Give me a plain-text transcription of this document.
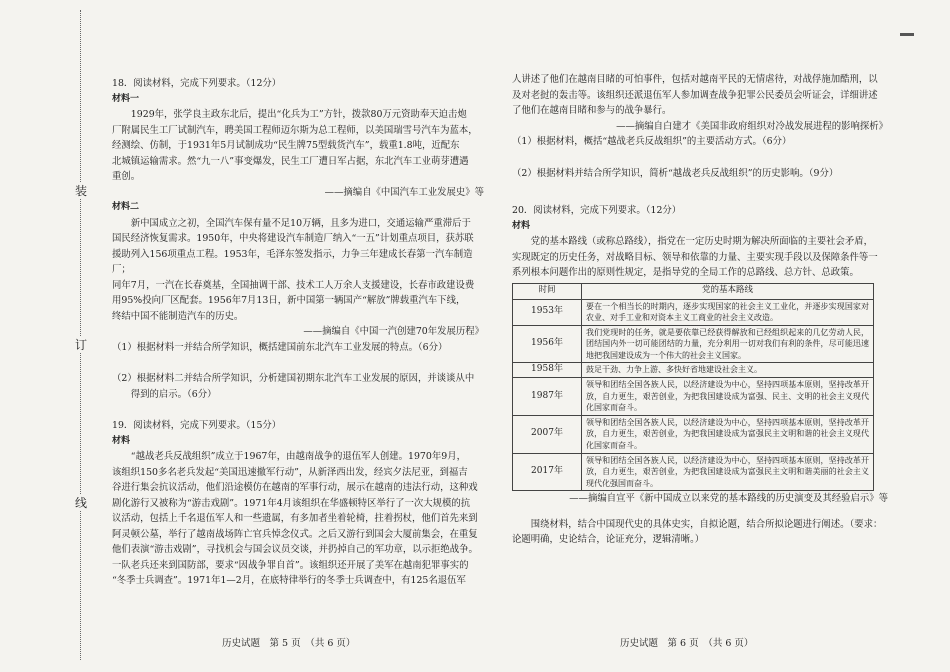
装
订
线

18．阅读材料，完成下列要求。（12分）

材料一

1929年，张学良主政东北后，提出“化兵为工”方针，拨款80万元资助奉天迫击炮

厂附属民生工厂试制汽车，聘美国工程师迈尔斯为总工程师，以美国瑞雪号汽车为蓝本，

经测绘、仿制，于1931年5月试制成功“民生牌75型载货汽车”，载重1.8吨，近配东

北城镇运输需求。然“九一八”事变爆发，民生工厂遭日军占据，东北汽车工业萌芽遭遇

重创。

——摘编自《中国汽车工业发展史》等

材料二

新中国成立之初，全国汽车保有量不足10万辆，且多为进口，交通运输严重滞后于

国民经济恢复需求。1950年，中央将建设汽车制造厂纳入“一五”计划重点项目，获苏联

援助列入156项重点工程。1953年，毛泽东签发指示，力争三年建成长春第一汽车制造厂；

同年7月，一汽在长春奠基，全国抽调干部、技术工人万余人支援建设，长春市政建设费

用95%投向厂区配套。1956年7月13日，新中国第一辆国产“解放”牌载重汽车下线，

终结中国不能制造汽车的历史。

——摘编自《中国一汽创建70年发展历程》

（1）根据材料一并结合所学知识，概括建国前东北汽车工业发展的特点。（6分）

（2）根据材料二并结合所学知识，分析建国初期东北汽车工业发展的原因，并谈谈从中

得到的启示。（6分）

19．阅读材料，完成下列要求。（15分）

材料

“越战老兵反战组织”成立于1967年，由越南战争的退伍军人创建。1970年9月，

该组织150多名老兵发起“美国迅速撤军行动”，从新泽西出发，经宾夕法尼亚，到福吉

谷进行集会抗议活动，他们沿途模仿在越南的军事行动，展示在越南的违法行动，这种戏

剧化游行又被称为“游击戏剧”。1971年4月该组织在华盛顿特区举行了一次大规模的抗

议活动，包括上千名退伍军人和一些遗属，有多加者坐着轮椅，拄着拐杖，他们首先来到

阿灵顿公墓，举行了越南战场阵亡官兵悼念仪式。之后又游行到国会大厦前集会，在重复

他们表演“游击戏剧”，寻找机会与国会议员交谈，并扔掉自己的军功章，以示拒绝战争。

一队老兵还来到国防部，要求“因战争罪自首”。该组织还开展了美军在越南犯罪事实的

“冬季士兵调查”。1971年1—2月，在底特律举行的冬季士兵调查中，有125名退伍军

历史试题　第 5 页　（共 6 页）

人讲述了他们在越南目睹的可怕事件，包括对越南平民的无情虐待，对战俘施加酷刑，以

及对老挝的轰击等。该组织还派退伍军人参加调查战争犯罪公民委员会听证会，详细讲述

了他们在越南目睹和参与的战争暴行。

——摘编自白建才《美国非政府组织对冷战发展进程的影响探析》

（1）根据材料，概括“越战老兵反战组织”的主要活动方式。（6分）

（2）根据材料并结合所学知识，简析“越战老兵反战组织”的历史影响。（9分）

20．阅读材料，完成下列要求。（12分）

材料

党的基本路线（或称总路线），指党在一定历史时期为解决所面临的主要社会矛盾，

实现既定的历史任务，对战略目标、领导和依靠的力量、主要实现手段以及保障条件等一

系列根本问题作出的原则性规定，是指导党的全局工作的总路线、总方针、总政策。

时间	党的基本路线
1953年	要在一个相当长的时期内，逐步实现国家的社会主义工业化，并逐步实现国家对农业、对手工业和对资本主义工商业的社会主义改造。
1956年	我们党现时的任务，就是要依靠已经获得解放和已经组织起来的几亿劳动人民，团结国内外一切可能团结的力量，充分利用一切对我们有利的条件，尽可能迅速地把我国建设成为一个伟大的社会主义国家。
1958年	鼓足干劲、力争上游、多快好省地建设社会主义。
1987年	领导和团结全国各族人民，以经济建设为中心，坚持四项基本原则，坚持改革开放，自力更生，艰苦创业，为把我国建设成为富强、民主、文明的社会主义现代化国家而奋斗。
2007年	领导和团结全国各族人民，以经济建设为中心，坚持四项基本原则，坚持改革开放，自力更生，艰苦创业，为把我国建设成为富强民主文明和谐的社会主义现代化国家而奋斗。
2017年	领导和团结全国各族人民，以经济建设为中心，坚持四项基本原则，坚持改革开放，自力更生，艰苦创业，为把我国建设成为富强民主文明和谐美丽的社会主义现代化强国而奋斗。

——摘编自宣平《新中国成立以来党的基本路线的历史演变及其经验启示》等

围绕材料，结合中国现代史的具体史实，自拟论题，结合所拟论题进行阐述。（要求：

论题明确，史论结合，论证充分，逻辑清晰。）

历史试题　第 6 页　（共 6 页）
